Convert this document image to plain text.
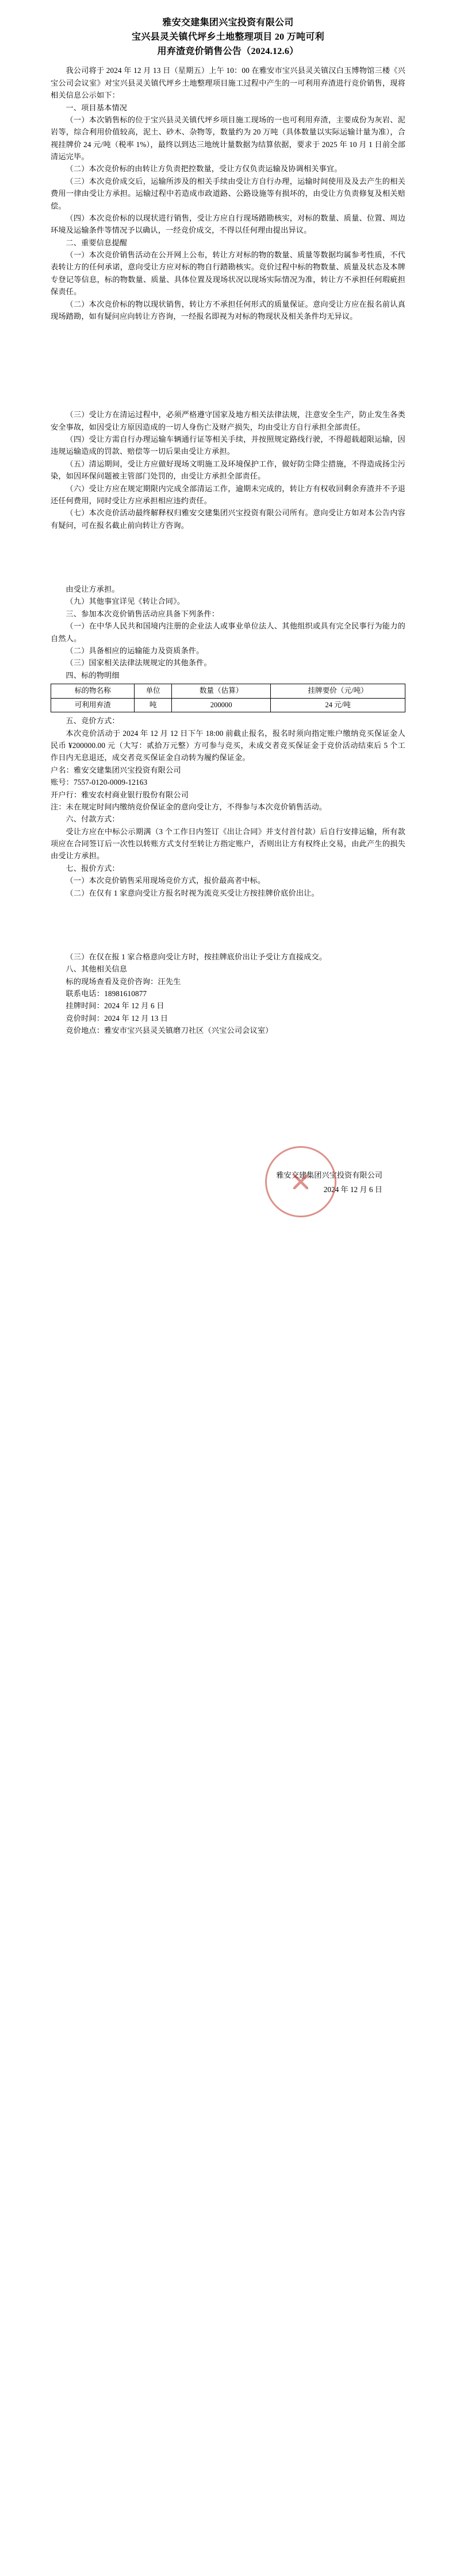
雅安交建集团兴宝投资有限公司
宝兴县灵关镇代坪乡土地整理项目 20 万吨可利
用弃渣竞价销售公告（2024.12.6）

我公司将于 2024 年 12 月 13 日（星期五）上午 10：00 在雅安市宝兴县灵关镇汉白玉博物馆三楼《兴宝公司会议室》对宝兴县灵关镇代坪乡土地整理项目施工过程中产生的一可利用弃渣进行竞价销售，现将相关信息公示如下：

一、项目基本情况

（一）本次销售标的位于宝兴县灵关镇代坪乡项目施工现场的一也可利用弃渣，主要成份为灰岩、泥岩等，综合利用价值较高，泥土、砂木、杂物等，数量约为 20 万吨（具体数量以实际运输计量为准），合视挂牌价 24 元/吨（税率 1%），最终以到达三地统计量数据为结算依据，要求于 2025 年 10 月 1 日前全部清运完毕。

（二）本次竞价标的由转让方负责把控数量，受让方仅负责运输及协调相关事宜。

（三）本次竞价成交后，运输所涉及的相关手续由受让方自行办理，运输时间使用及及去产生的相关费用一律由受让方承担。运输过程中若造成市政道路、公路设施等有损坏的，由受让方负责修复及相关赔偿。

（四）本次竞价标的以现状进行销售，受让方应自行现场踏勘核实，对标的数量、质量、位置、周边环境及运输条件等情况予以确认，一经竞价成交，不得以任何理由提出异议。

二、重要信息提醒

（一）本次竞价销售活动在公开网上公布，转让方对标的物的数量、质量等数据均属参考性质，不代表转让方的任何承诺，意向受让方应对标的物自行踏勘核实。竞价过程中标的物数量、质量及状态及本牌专登记等信息，标的物数量、质量、具体位置及现场状况以现场实际情况为准，转让方不承担任何瑕疵担保责任。

（二）本次竞价标的物以现状销售，转让方不承担任何形式的质量保证。意向受让方应在报名前认真现场踏勘，如有疑问应向转让方咨询，一经报名即视为对标的物现状及相关条件均无异议。

（三）受让方在清运过程中，必须严格遵守国家及地方相关法律法规，注意安全生产，防止发生各类安全事故，如因受让方原因造成的一切人身伤亡及财产损失，均由受让方自行承担全部责任。

（四）受让方需自行办理运输车辆通行证等相关手续，并按照规定路线行驶，不得超载超限运输，因违规运输造成的罚款、赔偿等一切后果由受让方承担。

（五）清运期间，受让方应做好现场文明施工及环境保护工作，做好防尘降尘措施，不得造成扬尘污染，如因环保问题被主管部门处罚的，由受让方承担全部责任。

（六）受让方应在规定期限内完成全部清运工作，逾期未完成的，转让方有权收回剩余弃渣并不予退还任何费用，同时受让方应承担相应违约责任。

（七）本次竞价活动最终解释权归雅安交建集团兴宝投资有限公司所有。意向受让方如对本公告内容有疑问，可在报名截止前向转让方咨询。

由受让方承担。

（九）其他事宜详见《转让合同》。

三、参加本次竞价销售活动应具备下列条件：

（一）在中华人民共和国境内注册的企业法人或事业单位法人、其他组织或具有完全民事行为能力的自然人。

（二）具备相应的运输能力及资质条件。

（三）国家相关法律法规规定的其他条件。

四、标的物明细

标的物名称	单位	数量（估算）	挂牌要价（元/吨）
可利用弃渣	吨	200000	24 元/吨

五、竞价方式：

本次竞价活动于 2024 年 12 月 12 日下午 18:00 前截止报名，报名时须向指定账户缴纳竞买保证金人民币 ¥200000.00 元（大写：贰拾万元整）方可参与竞买，未成交者竞买保证金于竞价活动结束后 5 个工作日内无息退还，成交者竞买保证金自动转为履约保证金。

户名：雅安交建集团兴宝投资有限公司

账号：7557-0120-0009-12163

开户行：雅安农村商业银行股份有限公司

注：未在规定时间内缴纳竞价保证金的意向受让方，不得参与本次竞价销售活动。

六、付款方式：

受让方应在中标公示期满（3 个工作日内签订《出让合同》并支付首付款）后自行安排运输，所有款项应在合同签订后一次性以转账方式支付至转让方指定账户，否则出让方有权终止交易，由此产生的损失由受让方承担。

七、报价方式：

（一）本次竞价销售采用现场竞价方式，报价最高者中标。

（二）在仅有 1 家意向受让方报名时视为流竞买受让方按挂牌价底价出让。

（三）在仅在报 1 家合格意向受让方时，按挂牌底价出让予受让方直接成交。

八、其他相关信息

标的现场查看及竞价咨询：汪先生

联系电话：18981610877

挂牌时间：2024 年 12 月 6 日

竞价时间：2024 年 12 月 13 日

竞价地点：雅安市宝兴县灵关镇磨刀社区（兴宝公司会议室）

雅安交建集团兴宝投资有限公司
2024 年 12 月 6 日
